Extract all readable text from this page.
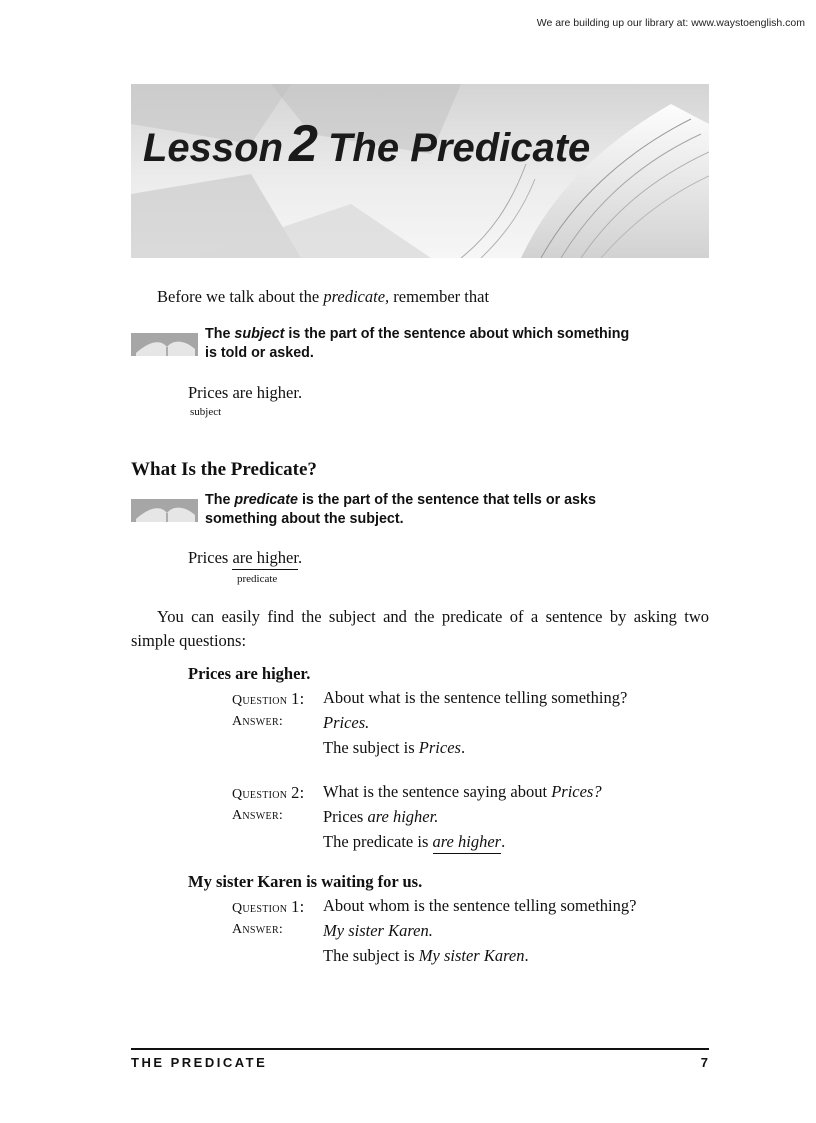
We are building up our library at: www.waystoenglish.com
Lesson 2 The Predicate
Before we talk about the predicate, remember that
The subject is the part of the sentence about which something is told or asked.
Prices are higher.
subject
What Is the Predicate?
The predicate is the part of the sentence that tells or asks something about the subject.
Prices are higher.
predicate
You can easily find the subject and the predicate of a sentence by asking two simple questions:
Prices are higher.
Question 1: About what is the sentence telling something?
Answer: Prices.
The subject is Prices.
Question 2: What is the sentence saying about Prices?
Answer: Prices are higher.
The predicate is are higher.
My sister Karen is waiting for us.
Question 1: About whom is the sentence telling something?
Answer: My sister Karen.
The subject is My sister Karen.
THE PREDICATE	7
